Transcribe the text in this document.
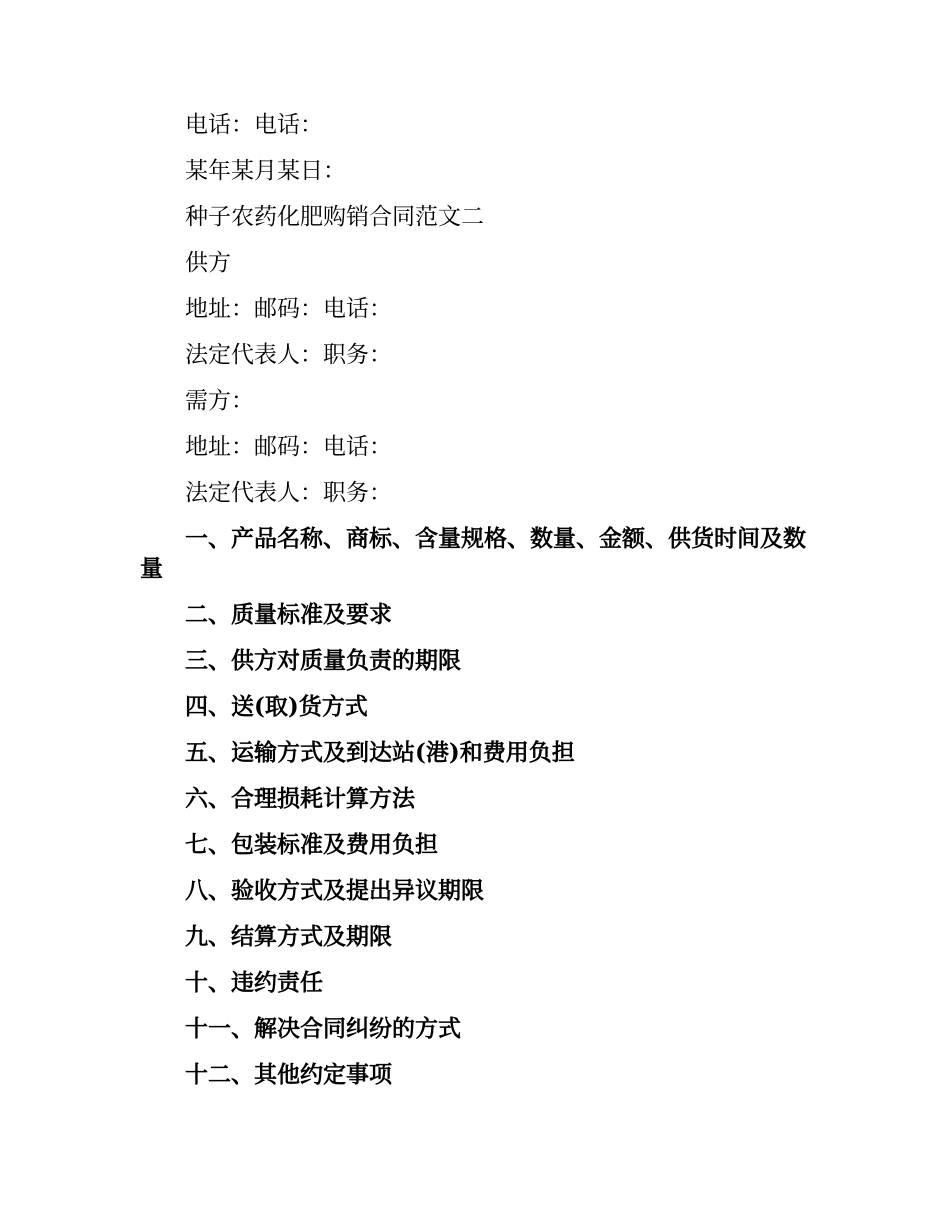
电话：电话：

某年某月某日：

种子农药化肥购销合同范文二

供方

地址：邮码：电话：

法定代表人：职务：

需方：

地址：邮码：电话：

法定代表人：职务：

一、产品名称、商标、含量规格、数量、金额、供货时间及数量

二、质量标准及要求

三、供方对质量负责的期限

四、送(取)货方式

五、运输方式及到达站(港)和费用负担

六、合理损耗计算方法

七、包装标准及费用负担

八、验收方式及提出异议期限

九、结算方式及期限

十、违约责任

十一、解决合同纠纷的方式

十二、其他约定事项
